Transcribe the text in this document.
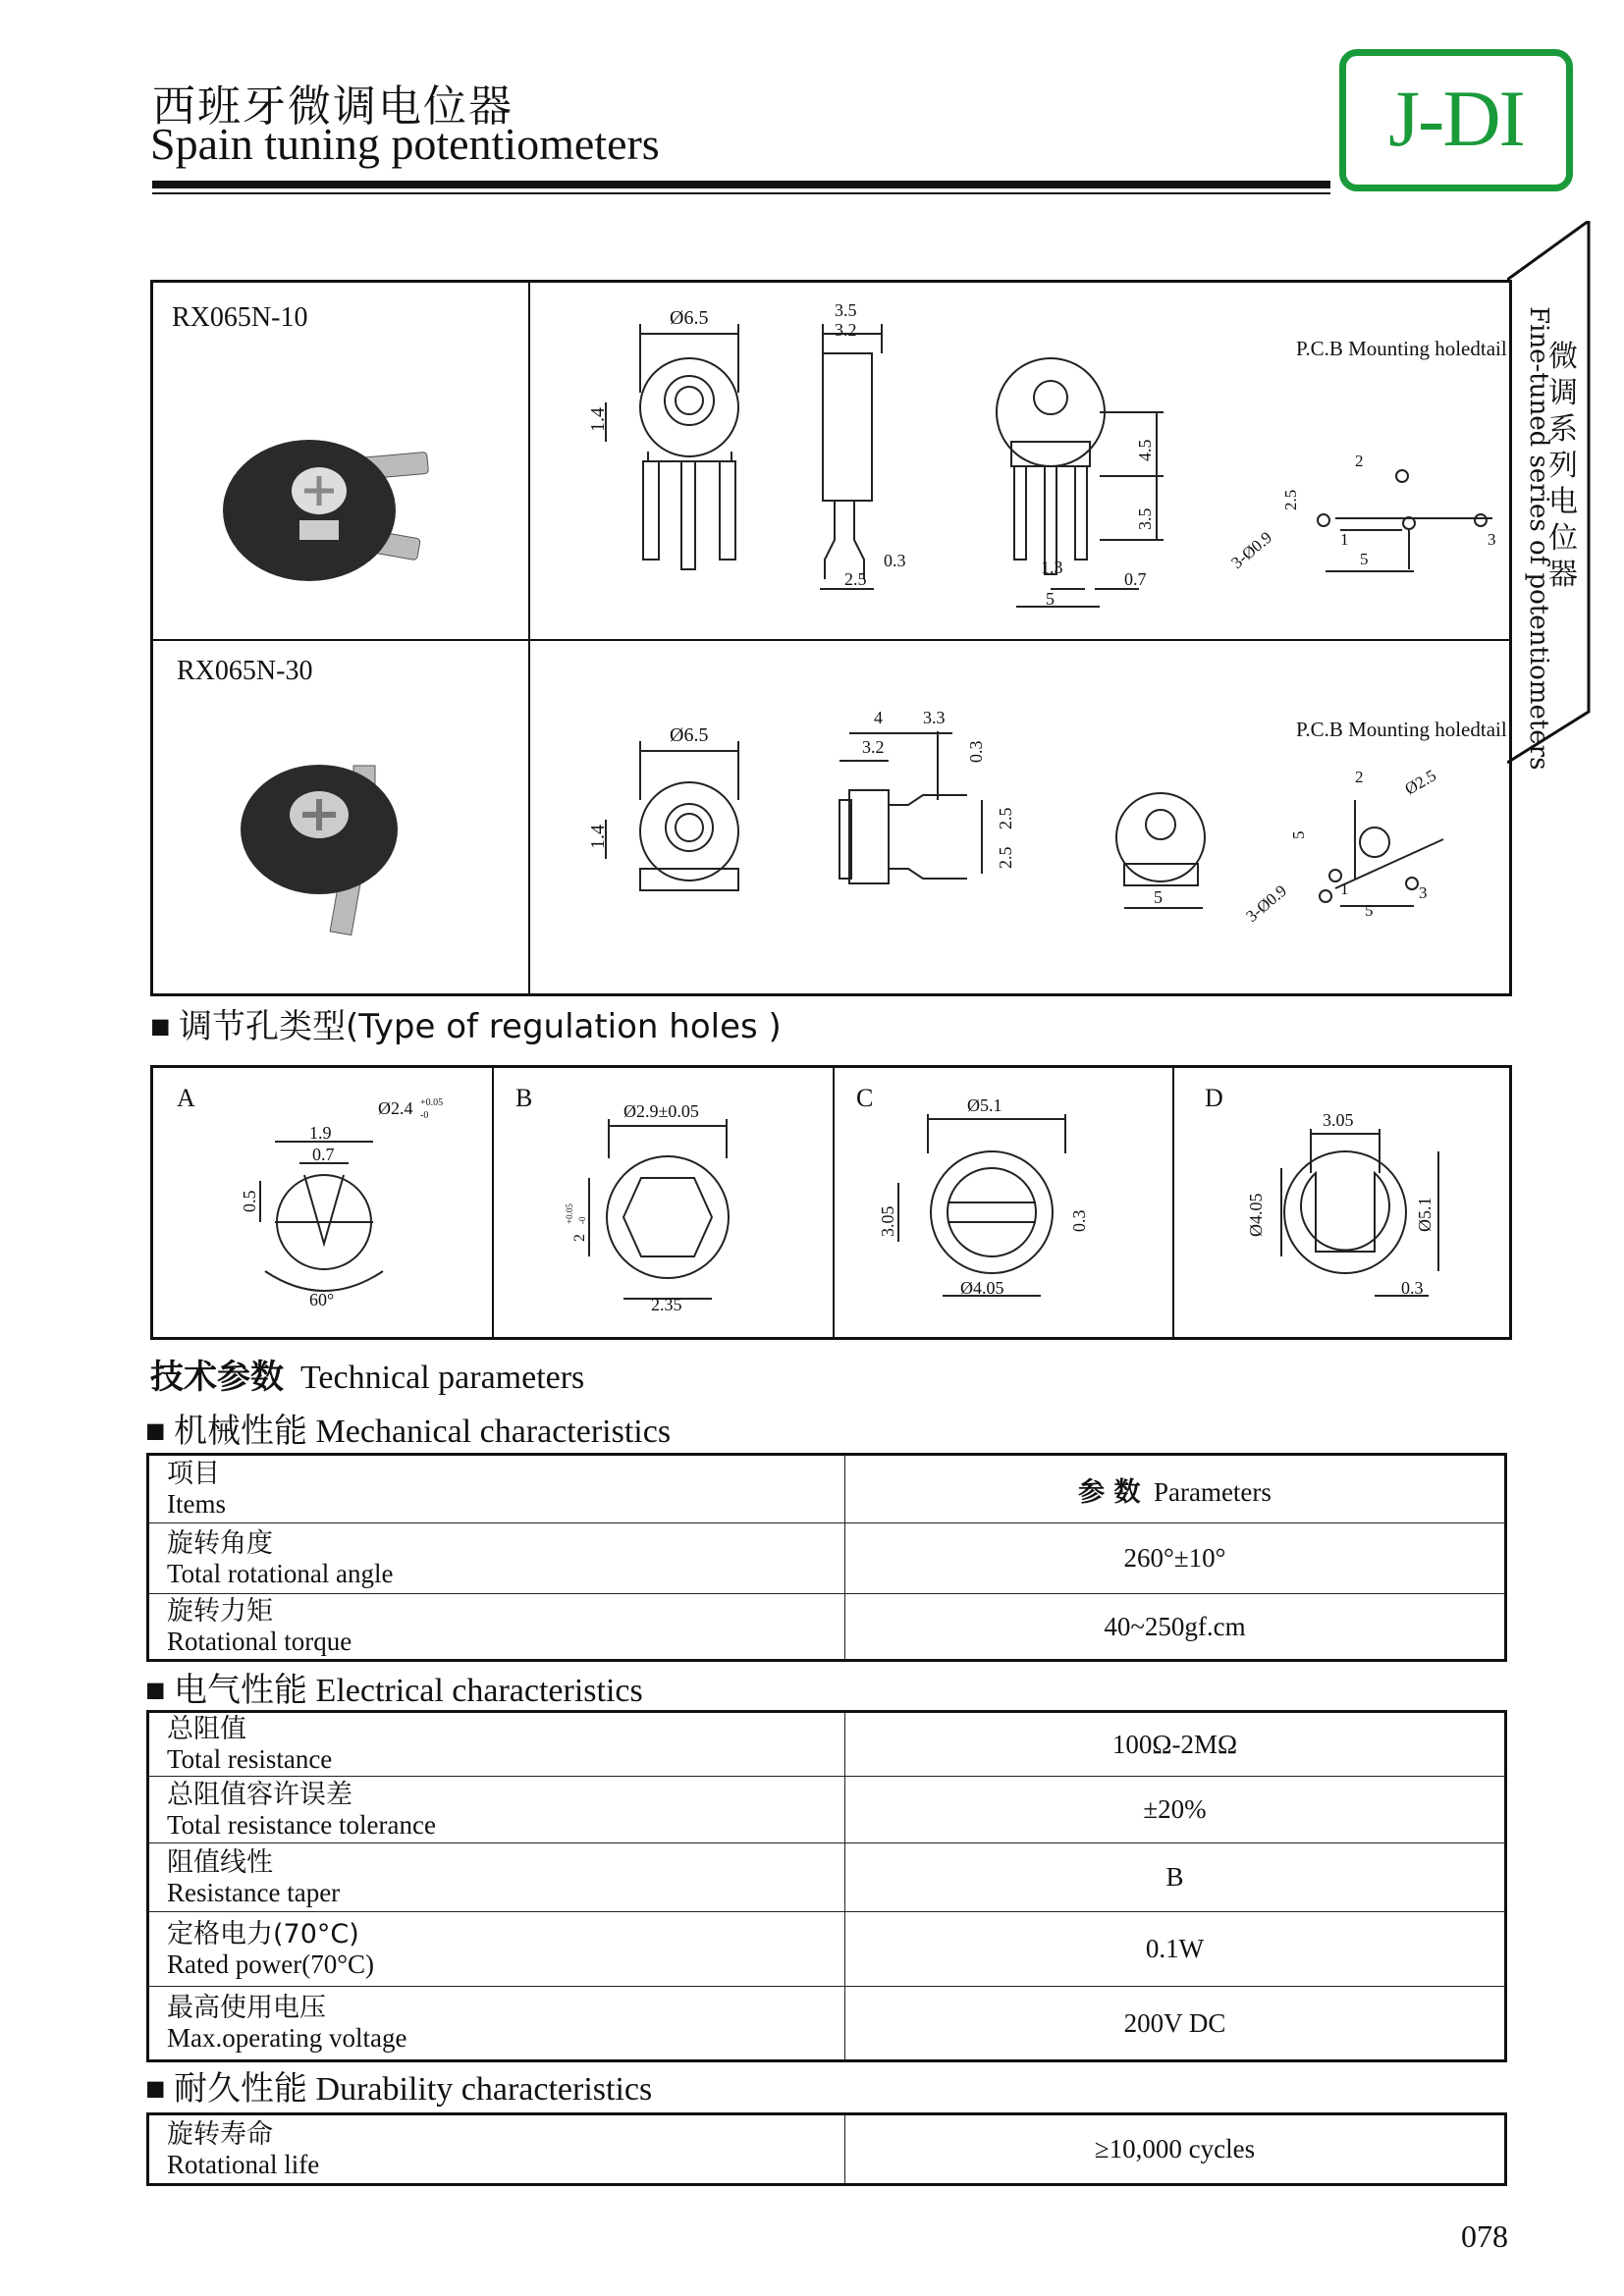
西班牙微调电位器
Spain tuning potentiometers	J-DI
微调系列电位器
Fine-tuned series of potentiometers
RX065N-10	Ø6.5
1.4
3.5
3.2
0.3
2.5
4.5
3.5
1.3
5
0.7
P.C.B Mounting holedtail
2.5
3-Ø0.9
2
1
5
3
RX065N-30
Ø6.5
1.4
4 3.3
3.2	0.3
2.5
2.5
5
P.C.B Mounting holedtail
2 Ø2.5
5
3-Ø0.9	1
5
3
■ 调节孔类型(Type of regulation holes )
A	Ø2.4 +0.05
-0
1.9
0.7
0.5
60°
B	Ø2.9±0.05
2
+0.05 -0
2.35
C	Ø5.1
3.05	0.3
Ø4.05
D
3.05
Ø4.05	Ø5.1
0.3
技术参数 Technical parameters
■ 机械性能 Mechanical characteristics
项目
Items	参 数 Parameters

旋转角度
Total rotational angle	260°±10°

旋转力矩
Rotational torque	40~250gf.cm
■ 电气性能 Electrical characteristics
总阻值
Total resistance	100Ω-2MΩ

总阻值容许误差
Total resistance tolerance	±20%

阻值线性
Resistance taper	B

定格电力(70°C)
Rated power(70°C)	0.1W

最高使用电压
Max.operating voltage	200V DC
■ 耐久性能 Durability characteristics
旋转寿命
Rotational life
	≥10,000 cycles
078
